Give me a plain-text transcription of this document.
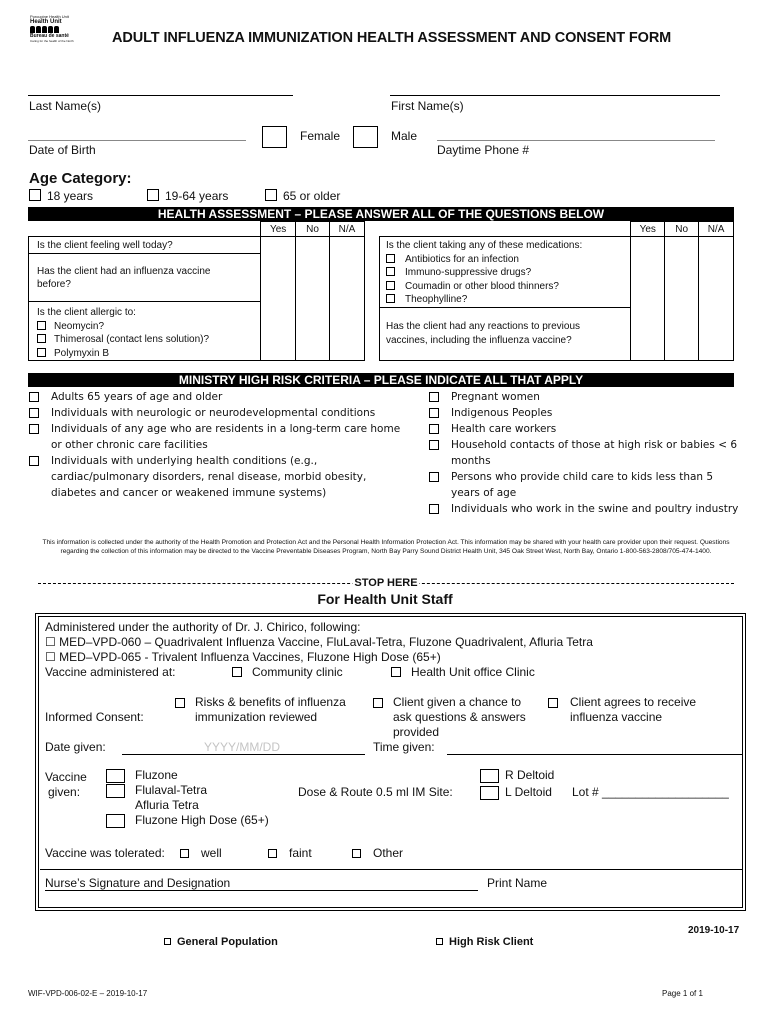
Porcupine Health Unit
Health Unit
Bureau de santé
Caring for the health of the North	ADULT INFLUENZA IMMUNIZATION HEALTH ASSESSMENT AND CONSENT FORM
Last Name(s)	First Name(s)
Date of Birth
Female	Male
Daytime Phone #
Age Category:
18 years	19-64 years	65 or older
HEALTH ASSESSMENT – PLEASE ANSWER ALL OF THE QUESTIONS BELOW
	Yes	No	N/A
Is the client feeling well today?			

Has the client had an influenza vaccine before?			

Is the client allergic to:
Neomycin?
Thimerosal (contact lens solution)?
Polymyxin B			
	Yes	No	N/A

Is the client taking any of these medications:
Antibiotics for an infection
Immuno-suppressive drugs?
Coumadin or other blood thinners?
Theophylline?			

Has the client had any reactions to previous vaccines, including the influenza vaccine?			
MINISTRY HIGH RISK CRITERIA – PLEASE INDICATE ALL THAT APPLY
Adults 65 years of age and older
Individuals with neurologic or neurodevelopmental conditions
Individuals of any age who are residents in a long-term care home or other chronic care facilities
Individuals with underlying health conditions (e.g., cardiac/pulmonary disorders, renal disease, morbid obesity, diabetes and cancer or weakened immune systems)
Pregnant women
Indigenous Peoples
Health care workers
Household contacts of those at high risk or babies < 6 months
Persons who provide child care to kids less than 5 years of age
Individuals who work in the swine and poultry industry
This information is collected under the authority of the Health Promotion and Protection Act and the Personal Health Information Protection Act. This information may be shared with your health care provider upon their request. Questions regarding the collection of this information may be directed to the Vaccine Preventable Diseases Program, North Bay Parry Sound District Health Unit, 345 Oak Street West, North Bay, Ontario 1-800-563-2808/705-474-1400.
STOP HERE
For Health Unit Staff
Administered under the authority of Dr. J. Chirico, following:
☐ MED–VPD-060 – Quadrivalent Influenza Vaccine, FluLaval-Tetra, Fluzone Quadrivalent, Afluria Tetra
☐ MED–VPD-065 - Trivalent Influenza Vaccines, Fluzone High Dose (65+)
Vaccine administered at:	Community clinic	Health Unit office Clinic
Informed Consent:
Risks & benefits of influenza immunization reviewed
Client given a chance to ask questions & answers provided
Client agrees to receive influenza vaccine
Date given:	YYYY/MM/DD	Time given:
Vaccine
given:
Fluzone
Flulaval-Tetra
Afluria Tetra
Fluzone High Dose (65+)
Dose & Route 0.5 ml IM Site:
R Deltoid
L Deltoid Lot # ___________________
Vaccine was tolerated:	well	faint	Other
Nurse’s Signature and Designation	Print Name
2019-10-17
General Population	High Risk Client
WIF-VPD-006-02-E – 2019-10-17	Page 1 of 1
